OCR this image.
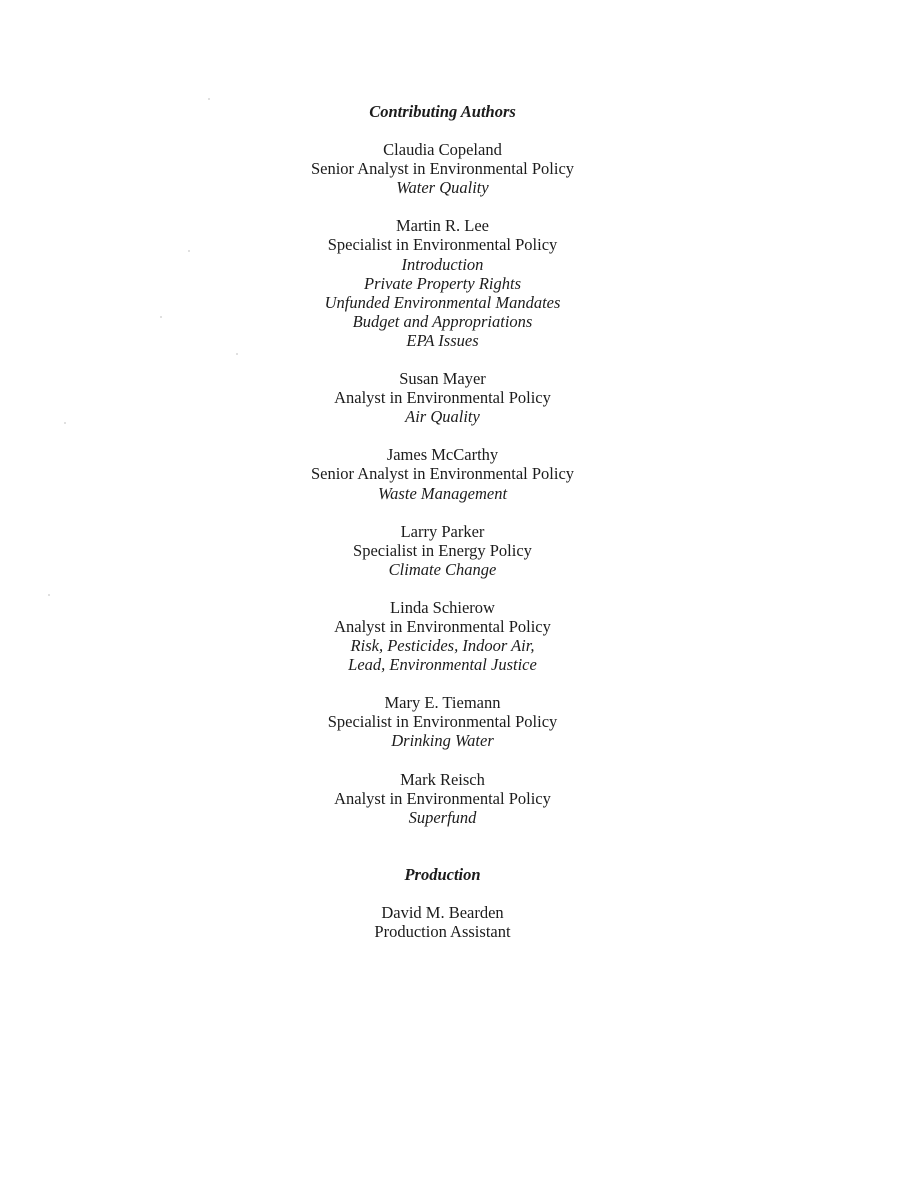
Contributing Authors

Claudia Copeland
Senior Analyst in Environmental Policy
Water Quality
Martin R. Lee
Specialist in Environmental Policy
Introduction
Private Property Rights
Unfunded Environmental Mandates
Budget and Appropriations
EPA Issues
Susan Mayer
Analyst in Environmental Policy
Air Quality
James McCarthy
Senior Analyst in Environmental Policy
Waste Management
Larry Parker
Specialist in Energy Policy
Climate Change
Linda Schierow
Analyst in Environmental Policy
Risk, Pesticides, Indoor Air,
Lead, Environmental Justice
Mary E. Tiemann
Specialist in Environmental Policy
Drinking Water
Mark Reisch
Analyst in Environmental Policy
Superfund

Production

David M. Bearden
Production Assistant
